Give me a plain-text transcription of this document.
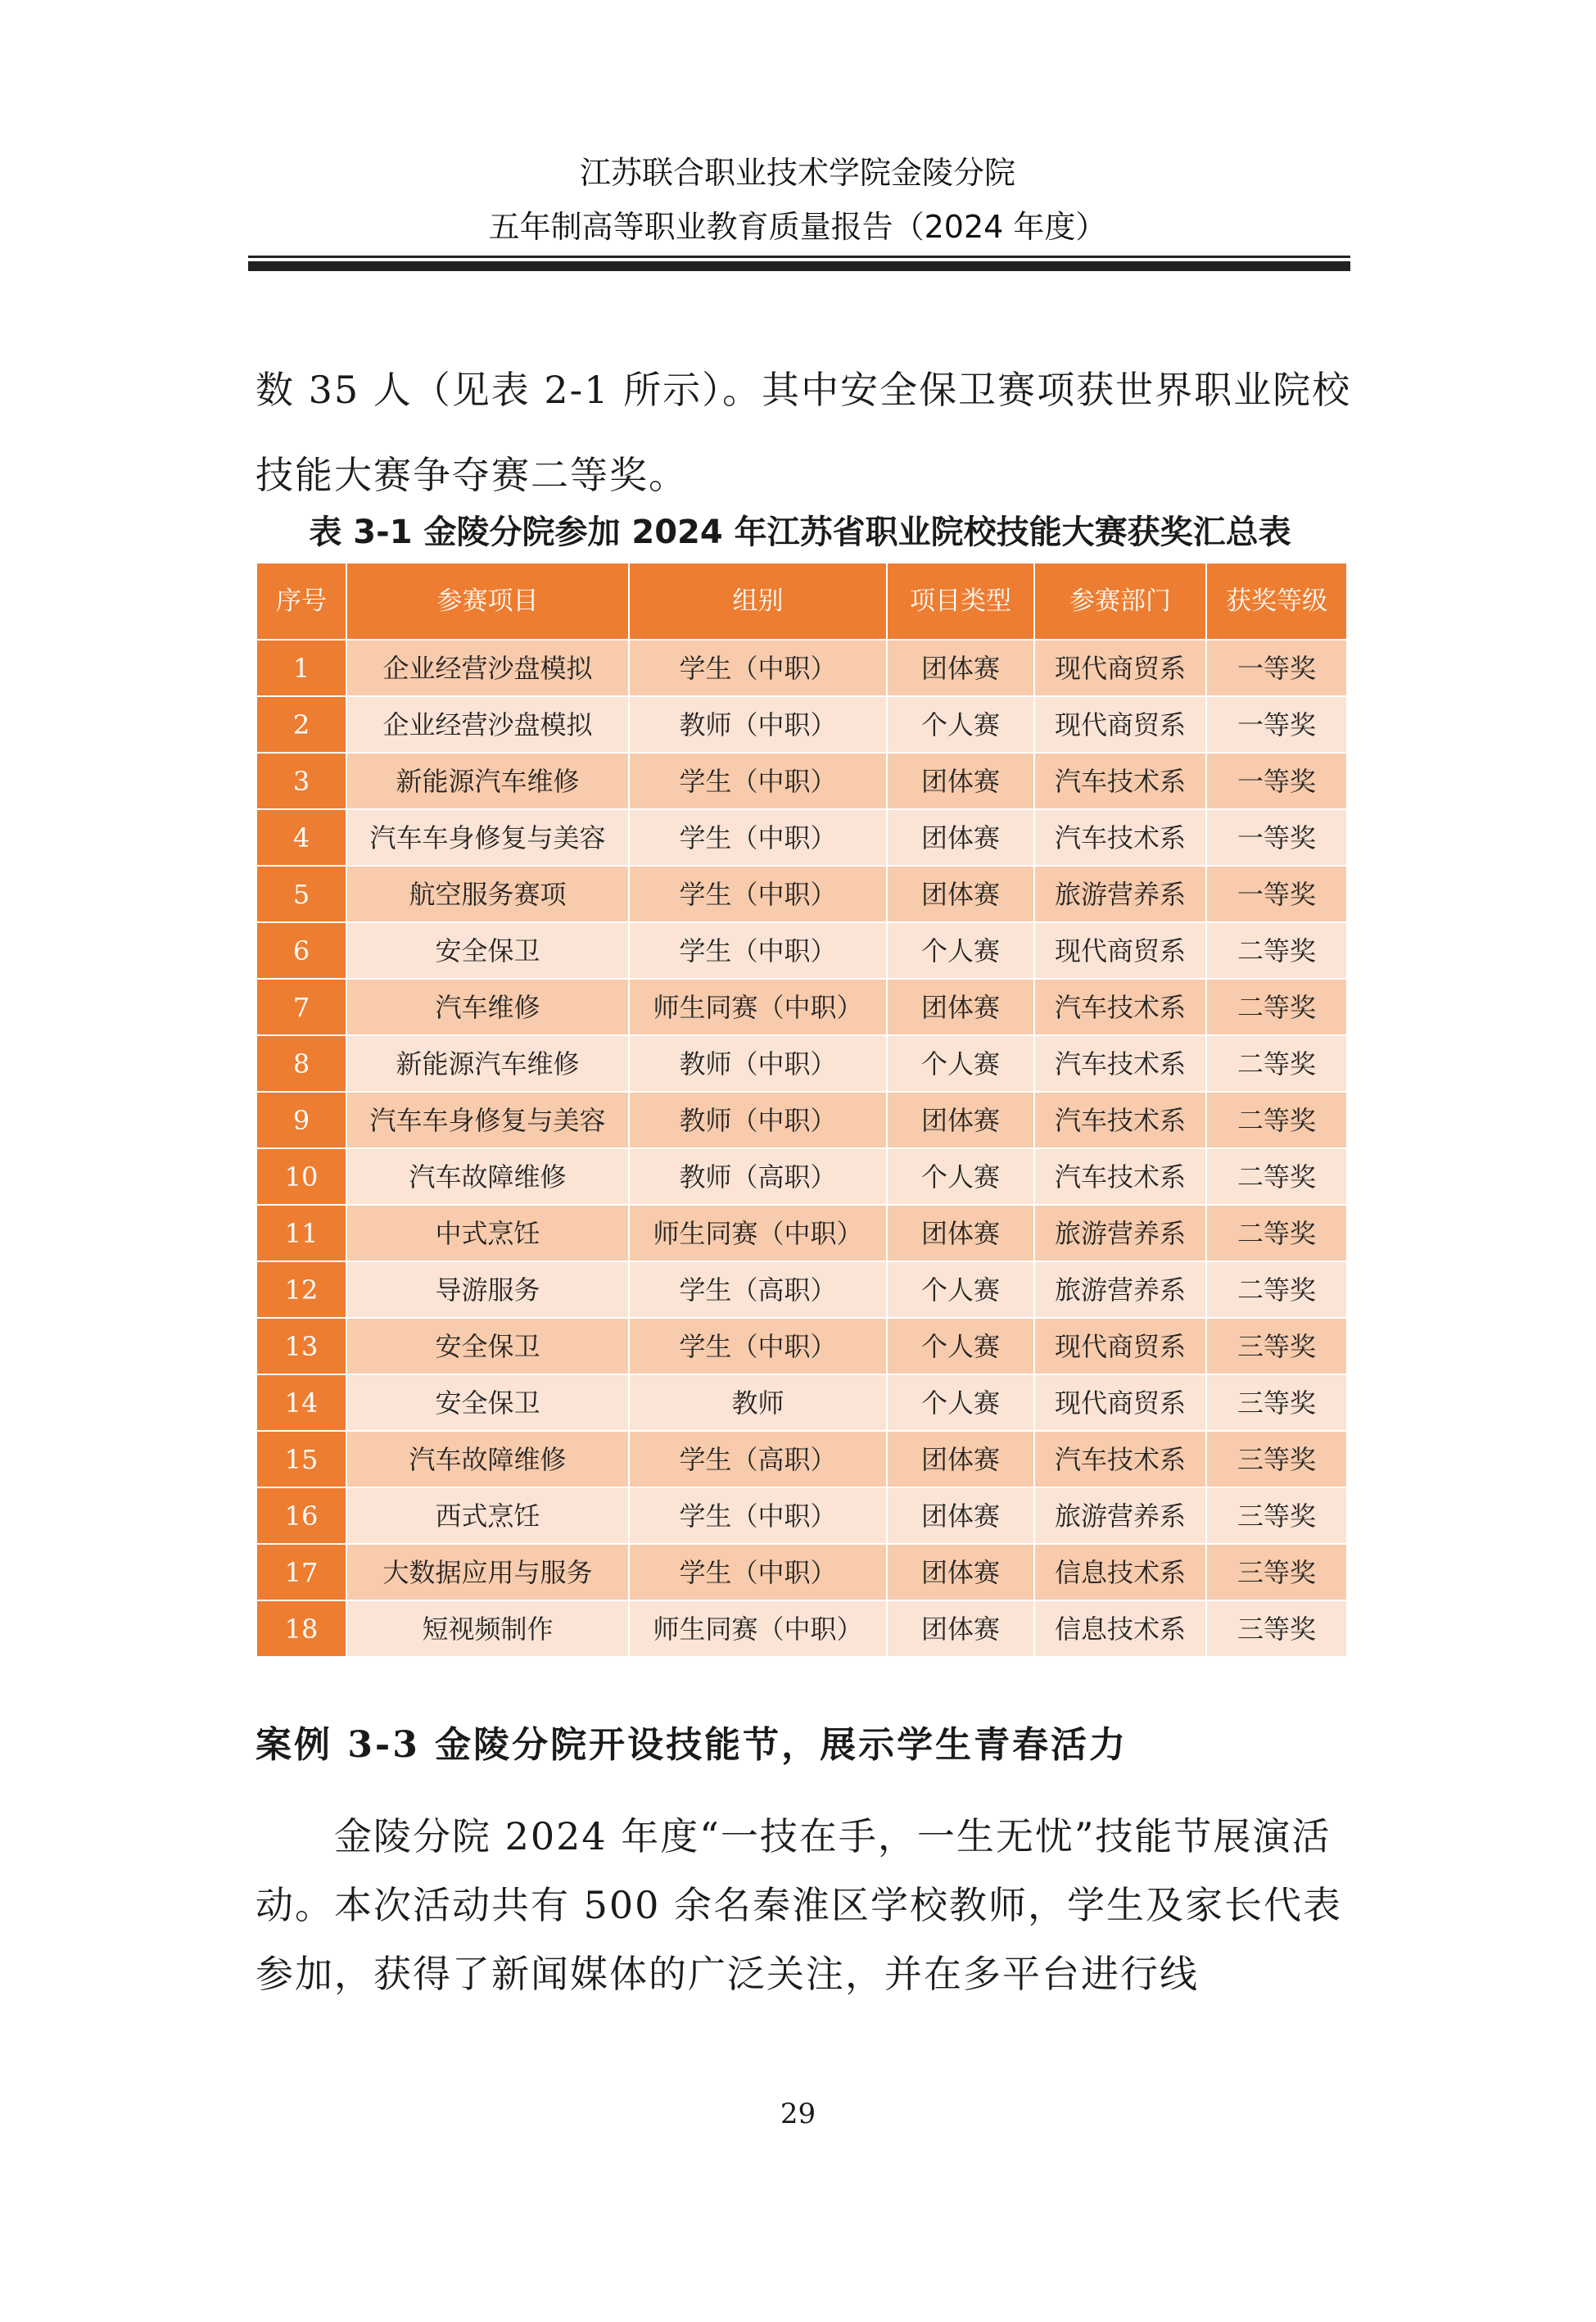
江苏联合职业技术学院金陵分院
五年制高等职业教育质量报告（2024 年度）

数 35 人（见表 2-1 所示）。其中安全保卫赛项获世界职业院校技能大赛争夺赛二等奖。

表 3-1 金陵分院参加 2024 年江苏省职业院校技能大赛获奖汇总表
序号	参赛项目	组别	项目类型	参赛部门	获奖等级

1	企业经营沙盘模拟	学生（中职）	团体赛	现代商贸系	一等奖

2	企业经营沙盘模拟	教师（中职）	个人赛	现代商贸系	一等奖

3	新能源汽车维修	学生（中职）	团体赛	汽车技术系	一等奖

4	汽车车身修复与美容	学生（中职）	团体赛	汽车技术系	一等奖

5	航空服务赛项	学生（中职）	团体赛	旅游营养系	一等奖

6	安全保卫	学生（中职）	个人赛	现代商贸系	二等奖

7	汽车维修	师生同赛（中职）	团体赛	汽车技术系	二等奖

8	新能源汽车维修	教师（中职）	个人赛	汽车技术系	二等奖

9	汽车车身修复与美容	教师（中职）	团体赛	汽车技术系	二等奖

10	汽车故障维修	教师（高职）	个人赛	汽车技术系	二等奖

11	中式烹饪	师生同赛（中职）	团体赛	旅游营养系	二等奖

12	导游服务	学生（高职）	个人赛	旅游营养系	二等奖

13	安全保卫	学生（中职）	个人赛	现代商贸系	三等奖

14	安全保卫	教师	个人赛	现代商贸系	三等奖

15	汽车故障维修	学生（高职）	团体赛	汽车技术系	三等奖

16	西式烹饪	学生（中职）	团体赛	旅游营养系	三等奖

17	大数据应用与服务	学生（中职）	团体赛	信息技术系	三等奖

18	短视频制作	师生同赛（中职）	团体赛	信息技术系	三等奖
案例 3-3 金陵分院开设技能节，展示学生青春活力

金陵分院 2024 年度“一技在手，一生无忧”技能节展演活动。本次活动共有 500 余名秦淮区学校教师，学生及家长代表参加，获得了新闻媒体的广泛关注，并在多平台进行线

29
